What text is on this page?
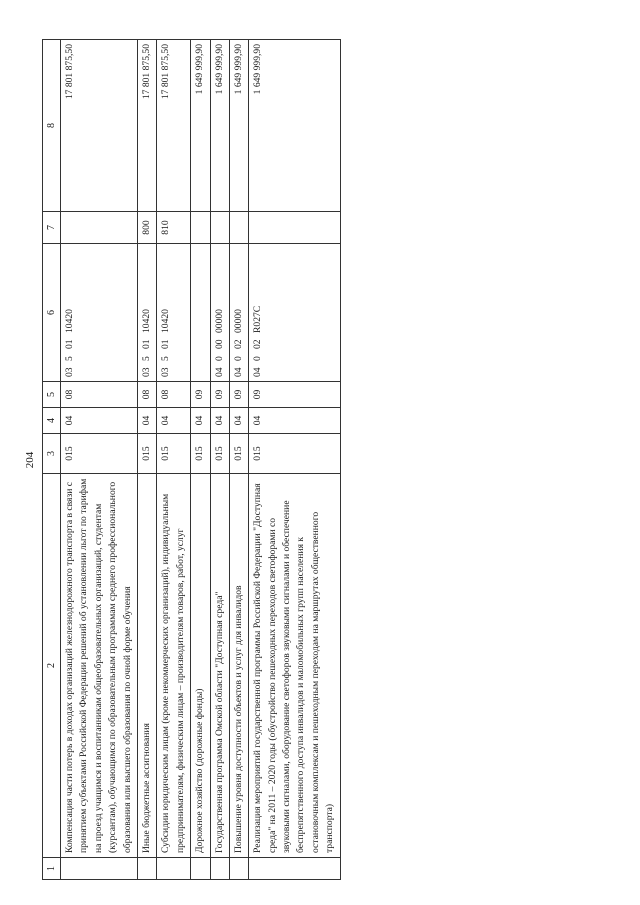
204
1	2	3	4	5	6	7	8
	Компенсация части потерь в доходах организаций железнодорожного транспорта в связи с принятием субъектами Российской Федерации решений об установлении льгот по тарифам на проезд учащимся и воспитанникам общеобразовательных организаций, студентам (курсантам), обучающимся по образовательным программам среднего профессионального образования или высшего образования по очной форме обучения	015	04	08	0350110420		17 801 875,50
	Иные бюджетные ассигнования	015	04	08	0350110420	800	17 801 875,50
	Субсидии юридическим лицам (кроме некоммерческих организаций), индивидуальным предпринимателям, физическим лицам – производителям товаров, работ, услуг	015	04	08	0350110420	810	17 801 875,50
	Дорожное хозяйство (дорожные фонды)	015	04	09			1 649 999,90
	Государственная программа Омской области "Доступная среда"	015	04	09	0400000000		1 649 999,90
	Повышение уровня доступности объектов и услуг для инвалидов	015	04	09	0400200000		1 649 999,90
	Реализация мероприятий государственной программы Российской Федерации "Доступная среда" на 2011 – 2020 годы (обустройство пешеходных переходов светофорами со звуковыми сигналами, оборудование светофоров звуковыми сигналами и обеспечение беспрепятственного доступа инвалидов и маломобильных групп населения к остановочным комплексам и пешеходным переходам на маршрутах общественного транспорта)	015	04	09	04002R027C		1 649 999,90
